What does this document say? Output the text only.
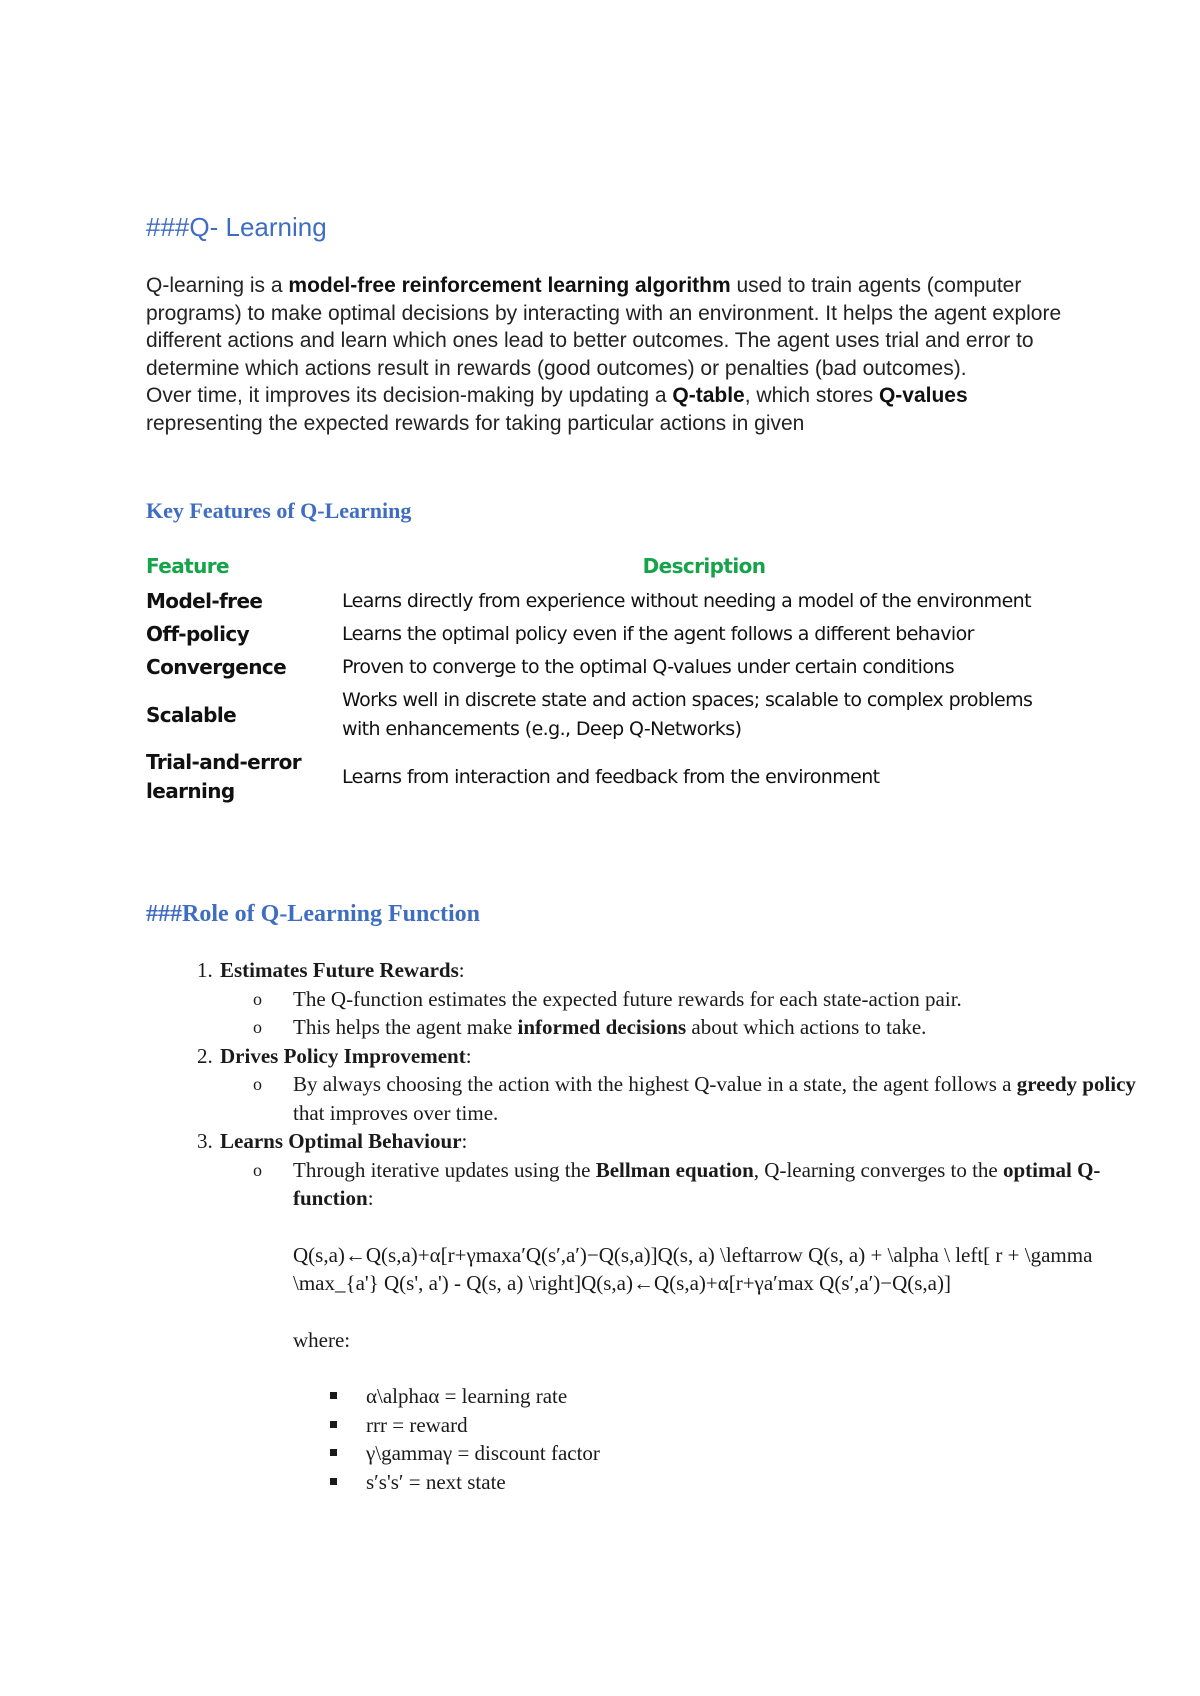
###Q- Learning
Q-learning is a model-free reinforcement learning algorithm used to train agents (computer programs) to make optimal decisions by interacting with an environment. It helps the agent explore different actions and learn which ones lead to better outcomes. The agent uses trial and error to determine which actions result in rewards (good outcomes) or penalties (bad outcomes).
Over time, it improves its decision-making by updating a Q-table, which stores Q-values representing the expected rewards for taking particular actions in given
Key Features of Q-Learning
Feature	Description
Model-free	Learns directly from experience without needing a model of the environment
Off-policy	Learns the optimal policy even if the agent follows a different behavior
Convergence	Proven to converge to the optimal Q-values under certain conditions
Scalable	Works well in discrete state and action spaces; scalable to complex problems with enhancements (e.g., Deep Q-Networks)
Trial-and-error learning	Learns from interaction and feedback from the environment
###Role of Q-Learning Function
1. Estimates Future Rewards:
o The Q-function estimates the expected future rewards for each state-action pair.
o This helps the agent make informed decisions about which actions to take.
2. Drives Policy Improvement:
o By always choosing the action with the highest Q-value in a state, the agent follows a greedy policy that improves over time.
3. Learns Optimal Behaviour:
o Through iterative updates using the Bellman equation, Q-learning converges to the optimal Q-function:
Q(s,a)←Q(s,a)+α[r+γmaxa′Q(s′,a′)−Q(s,a)]Q(s, a) \leftarrow Q(s, a) + \alpha \ left[ r + \gamma \max_{a'} Q(s', a') - Q(s, a) \right]Q(s,a)←Q(s,a)+α[r+γa′max Q(s′,a′)−Q(s,a)]
where:
α\alphaα = learning rate
rrr = reward
γ\gammaγ = discount factor
s′s's′ = next state
